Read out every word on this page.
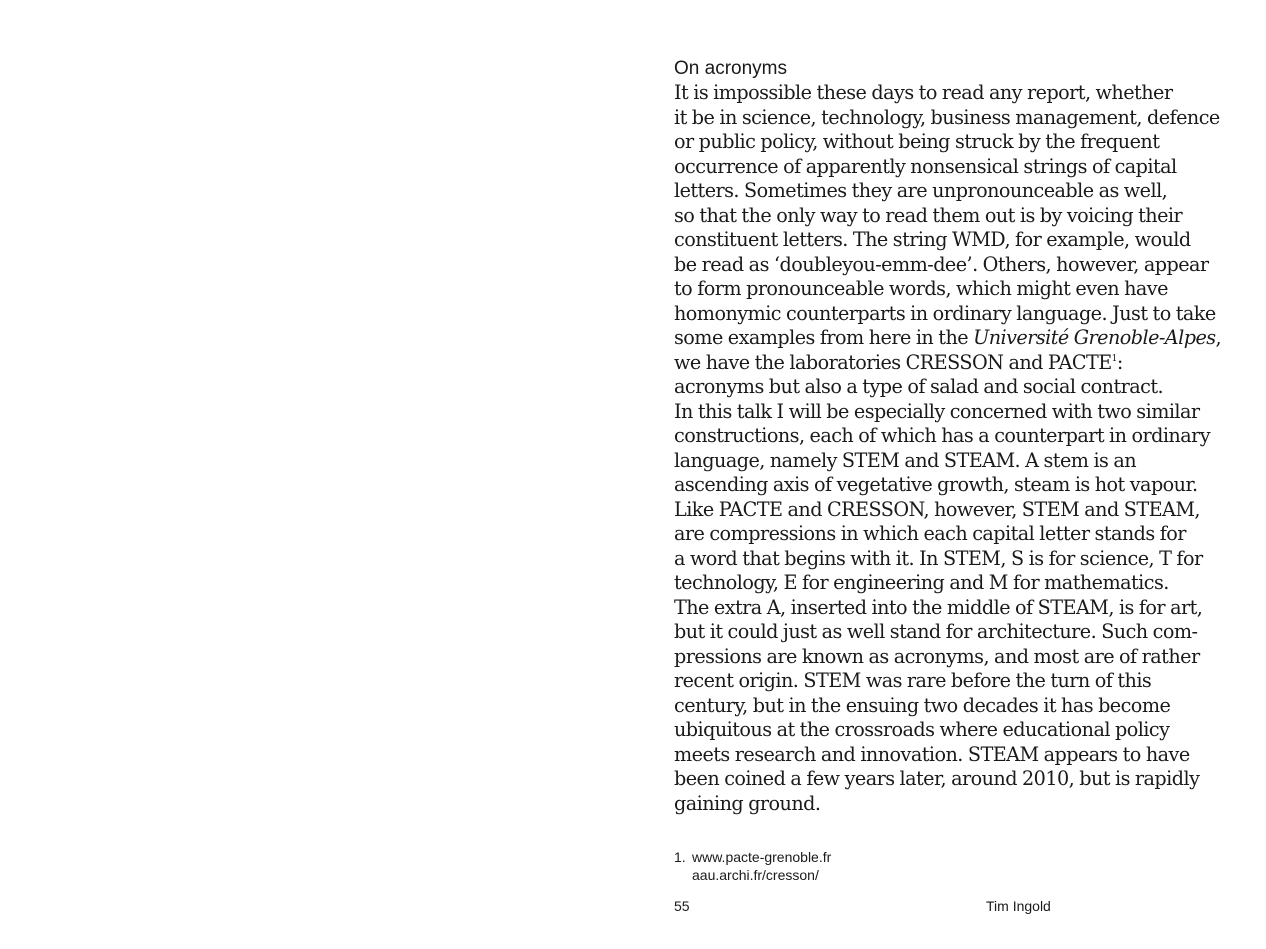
On acronyms
It is impossible these days to read any report, whether
it be in science, technology, business management, defence
or public policy, without being struck by the frequent
occurrence of apparently nonsensical strings of capital
letters. Sometimes they are unpronounceable as well,
so that the only way to read them out is by voicing their
constituent letters. The string WMD, for example, would
be read as ‘doubleyou-emm-dee’. Others, however, appear
to form pronounceable words, which might even have
homonymic counterparts in ordinary language. Just to take
some examples from here in the Université Grenoble-Alpes,
we have the laboratories CRESSON and PACTE$^1$:
acronyms but also a type of salad and social contract.
In this talk I will be especially concerned with two similar
constructions, each of which has a counterpart in ordinary
language, namely STEM and STEAM. A stem is an
ascending axis of vegetative growth, steam is hot vapour.
Like PACTE and CRESSON, however, STEM and STEAM,
are compressions in which each capital letter stands for
a word that begins with it. In STEM, S is for science, T for
technology, E for engineering and M for mathematics.
The extra A, inserted into the middle of STEAM, is for art,
but it could just as well stand for architecture. Such com-
pressions are known as acronyms, and most are of rather
recent origin. STEM was rare before the turn of this
century, but in the ensuing two decades it has become
ubiquitous at the crossroads where educational policy
meets research and innovation. STEAM appears to have
been coined a few years later, around 2010, but is rapidly
gaining ground.
1. www.pacte-grenoble.fr
aau.archi.fr/cresson/
55	Tim Ingold
